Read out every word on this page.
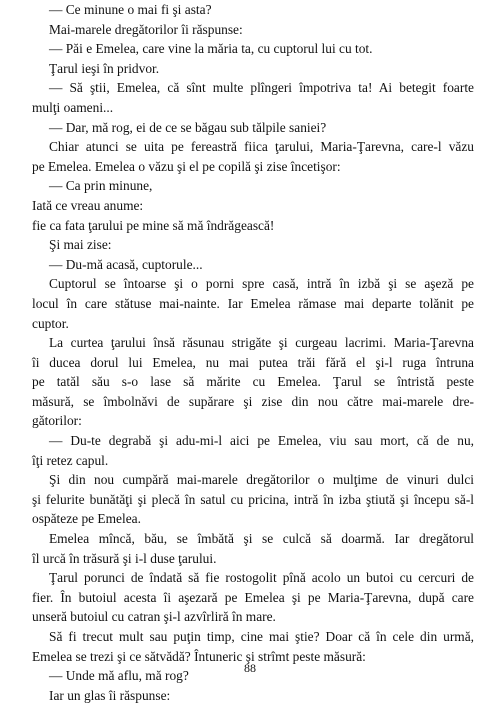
— Ce minune o mai fi şi asta?
Mai-marele dregătorilor îi răspunse:
— Păi e Emelea, care vine la măria ta, cu cuptorul lui cu tot.
Ţarul ieşi în pridvor.
— Să ştii, Emelea, că sînt multe plîngeri împotriva ta! Ai betegit foarte
mulţi oameni...
— Dar, mă rog, ei de ce se băgau sub tălpile saniei?
Chiar atunci se uita pe fereastră fiica ţarului, Maria-Ţarevna, care-l văzu
pe Emelea. Emelea o văzu şi el pe copilă şi zise încetişor:
— Ca prin minune,
Iată ce vreau anume:
fie ca fata ţarului pe mine să mă îndrăgească!
Şi mai zise:
— Du-mă acasă, cuptorule...
Cuptorul se întoarse şi o porni spre casă, intră în izbă şi se aşeză pe
locul în care stătuse mai-nainte. Iar Emelea rămase mai departe tolănit pe
cuptor.
La curtea ţarului însă răsunau strigăte şi curgeau lacrimi. Maria-Ţarevna
îi ducea dorul lui Emelea, nu mai putea trăi fără el şi-l ruga întruna
pe tatăl său s-o lase să mărite cu Emelea. Ţarul se întristă peste
măsură, se îmbolnăvi de supărare şi zise din nou către mai-marele dre-
gătorilor:
— Du-te degrabă şi adu-mi-l aici pe Emelea, viu sau mort, că de nu,
îţi retez capul.
Şi din nou cumpără mai-marele dregătorilor o mulţime de vinuri dulci
şi felurite bunătăţi şi plecă în satul cu pricina, intră în izba ştiută şi începu să-l
ospăteze pe Emelea.
Emelea mîncă, bău, se îmbătă şi se culcă să doarmă. Iar dregătorul
îl urcă în trăsură şi i-l duse ţarului.
Ţarul porunci de îndată să fie rostogolit pînă acolo un butoi cu cercuri de
fier. În butoiul acesta îi aşezară pe Emelea şi pe Maria-Ţarevna, după care
unseră butoiul cu catran şi-l azvîrliră în mare.
Să fi trecut mult sau puţin timp, cine mai ştie? Doar că în cele din urmă,
Emelea se trezi şi ce sătvădă? Întuneric şi strîmt peste măsură:
— Unde mă aflu, mă rog?
Iar un glas îi răspunse:
88
